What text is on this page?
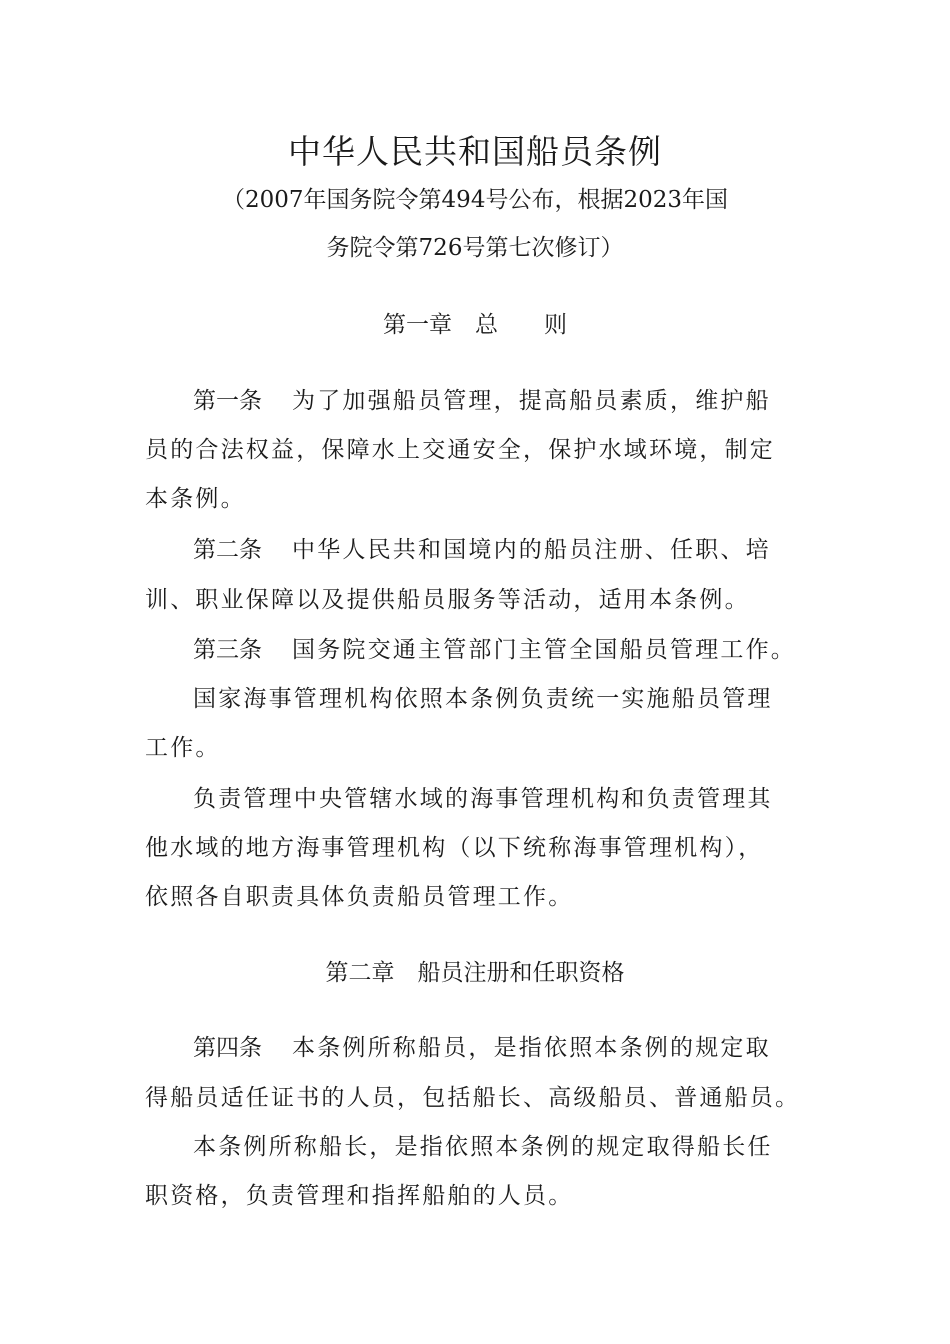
中华人民共和国船员条例
（2007年国务院令第494号公布，根据2023年国
务院令第726号第七次修订）
第一章　总　　则
第一条 为了加强船员管理，提高船员素质，维护船
员的合法权益，保障水上交通安全，保护水域环境，制定
本条例。
第二条 中华人民共和国境内的船员注册、任职、培
训、职业保障以及提供船员服务等活动，适用本条例。
第三条 国务院交通主管部门主管全国船员管理工作。
国家海事管理机构依照本条例负责统一实施船员管理
工作。
负责管理中央管辖水域的海事管理机构和负责管理其
他水域的地方海事管理机构（以下统称海事管理机构），
依照各自职责具体负责船员管理工作。
第二章　船员注册和任职资格
第四条 本条例所称船员，是指依照本条例的规定取
得船员适任证书的人员，包括船长、高级船员、普通船员。
本条例所称船长，是指依照本条例的规定取得船长任
职资格，负责管理和指挥船舶的人员。
